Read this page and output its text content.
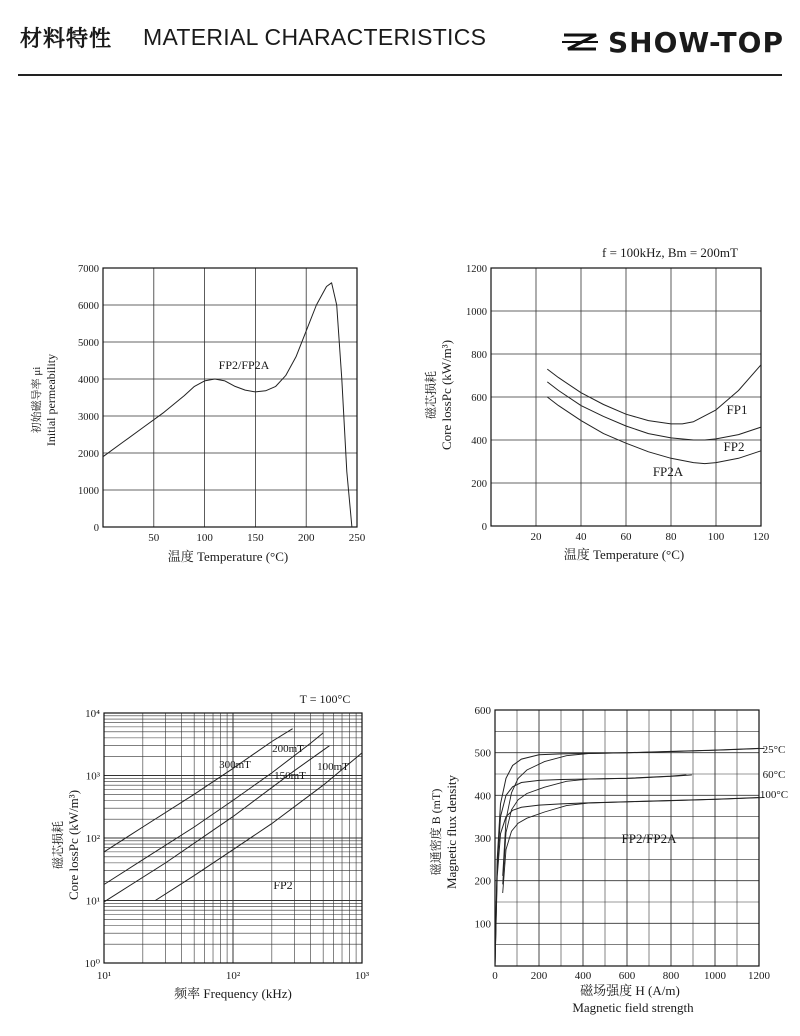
材料特性 MATERIAL CHARACTERISTICS	SHOW-TOP
50	100	150	200	250
0
1000
2000
3000
4000
5000
6000
7000
FP2/FP2A
初始磁导率 μi Initial permeability
温度 Temperature (°C)
20	40	60	80	100	120
0
200
400
600
800
1000
1200
f = 100kHz, Bm = 200mT
FP1
FP2
FP2A
磁芯损耗 Core lossPc (kW/m³)
温度 Temperature (°C)
10¹	10²	10³
10⁰
10¹
10²
10³
10⁴
T = 100°C
300mT
200mT
150mT
100mT
FP2
磁芯损耗 Core lossPc (kW/m³)
频率 Frequency (kHz)
0	200	400	600	800 1000 1200
100
200
300
400
500
600
25°C
60°C
100°C
FP2/FP2A
磁通密度 B (mT) Magnetic flux density
磁场强度 H (A/m)
Magnetic field strength
